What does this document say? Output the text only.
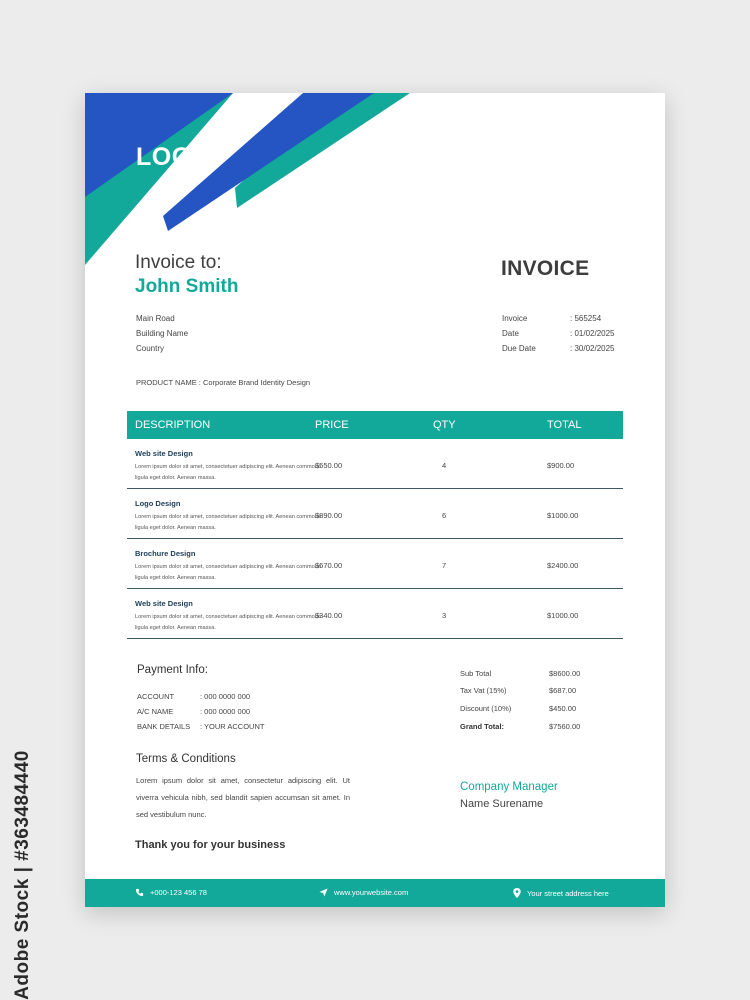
LOGO
Invoice to:
John Smith
Main Road
Building Name
Country
INVOICE
Invoice	: 565254
Date	: 01/02/2025
Due Date	: 30/02/2025
PRODUCT NAME : Corporate Brand Identity Design
DESCRIPTION	PRICE	QTY	TOTAL
Web site Design
Lorem ipsum dolor sit amet, consectetuer adipiscing elit. Aenean commodo ligula eget dolor. Aenean massa.
$550.00	4	$900.00
Logo Design
Lorem ipsum dolor sit amet, consectetuer adipiscing elit. Aenean commodo ligula eget dolor. Aenean massa.
$890.00	6	$1000.00
Brochure Design
Lorem ipsum dolor sit amet, consectetuer adipiscing elit. Aenean commodo ligula eget dolor. Aenean massa.
$670.00	7	$2400.00
Web site Design
Lorem ipsum dolor sit amet, consectetuer adipiscing elit. Aenean commodo ligula eget dolor. Aenean massa.
$340.00	3	$1000.00
Payment Info:
ACCOUNT	: 000 0000 000
A/C NAME	: 000 0000 000
BANK DETAILS : YOUR ACCOUNT
Sub Total	$8600.00
Tax Vat (15%)	$687.00
Discount (10%)	$450.00
Grand Total:	$7560.00
Terms & Conditions
Lorem ipsum dolor sit amet, consectetur adipiscing elit. Ut viverra vehicula nibh, sed blandit sapien accumsan sit amet. In sed vestibulum nunc.
Company Manager
Name Surename
Thank you for your business
+000-123 456 78	www.yourwebsite.com	Your street address here
Adobe Stock | #363484440
